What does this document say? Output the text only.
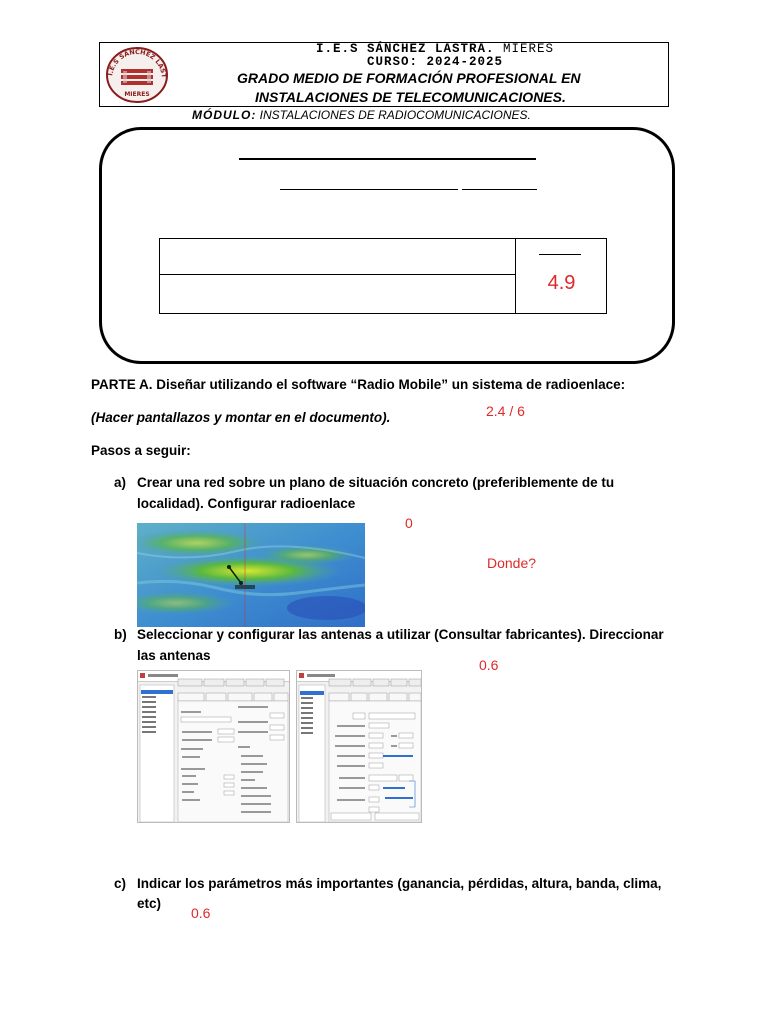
I.E.S SÁNCHEZ LAST
MIERES
I.E.S SÁNCHEZ LASTRA. MIERES
CURSO: 2024-2025
GRADO MEDIO DE FORMACIÓN PROFESIONAL EN
INSTALACIONES DE TELECOMUNICACIONES.
MÓDULO: INSTALACIONES DE RADIOCOMUNICACIONES.
4.9
PARTE A. Diseñar utilizando el software “Radio Mobile” un sistema de radioenlace:
(Hacer pantallazos y montar en el documento).	2.4 / 6
Pasos a seguir:
a) Crear una red sobre un plano de situación concreto (preferiblemente de tu
localidad). Configurar radioenlace
0
Donde?
b) Seleccionar y configurar las antenas a utilizar (Consultar fabricantes). Direccionar
las antenas
0.6
c) Indicar los parámetros más importantes (ganancia, pérdidas, altura, banda, clima,
etc)
0.6
